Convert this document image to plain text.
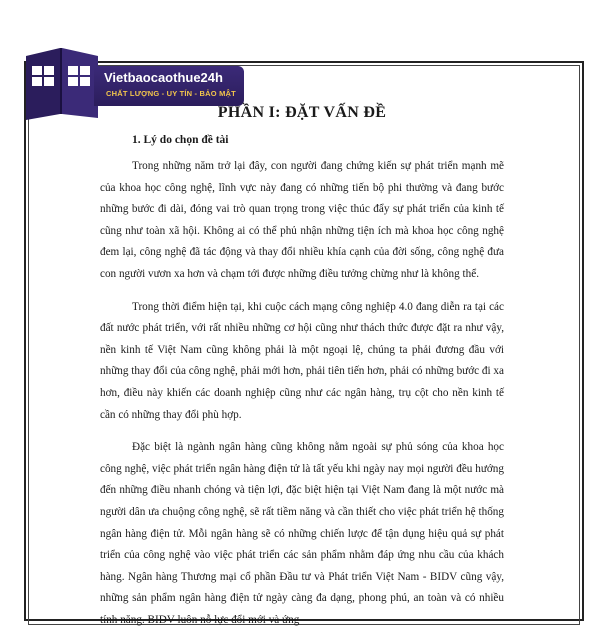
Vietbaocaothue24h
CHẤT LƯỢNG - UY TÍN - BẢO MẬT
PHẦN I: ĐẶT VẤN ĐỀ
1. Lý do chọn đề tài

Trong những năm trở lại đây, con người đang chứng kiến sự phát triển mạnh mẽ của khoa học công nghệ, lĩnh vực này đang có những tiến bộ phi thường và đang bước những bước đi dài, đóng vai trò quan trọng trong việc thúc đẩy sự phát triển của kinh tế cũng như toàn xã hội. Không ai có thể phủ nhận những tiện ích mà khoa học công nghệ đem lại, công nghệ đã tác động và thay đổi nhiều khía cạnh của đời sống, công nghệ đưa con người vươn xa hơn và chạm tới được những điều tưởng chừng như là không thể.

Trong thời điểm hiện tại, khi cuộc cách mạng công nghiệp 4.0 đang diễn ra tại các đất nước phát triển, với rất nhiều những cơ hội cũng như thách thức được đặt ra như vậy, nền kinh tế Việt Nam cũng không phải là một ngoại lệ, chúng ta phải đương đầu với những thay đổi của công nghệ, phải mới hơn, phải tiên tiến hơn, phải có những bước đi xa hơn, điều này khiến các doanh nghiệp cũng như các ngân hàng, trụ cột cho nền kinh tế cần có những thay đổi phù hợp.

Đặc biệt là ngành ngân hàng cũng không nằm ngoài sự phủ sóng của khoa học công nghệ, việc phát triển ngân hàng điện tử là tất yếu khi ngày nay mọi người đều hướng đến những điều nhanh chóng và tiện lợi, đặc biệt hiện tại Việt Nam đang là một nước mà người dân ưa chuộng công nghệ, sẽ rất tiềm năng và cần thiết cho việc phát triển hệ thống ngân hàng điện tử. Mỗi ngân hàng sẽ có những chiến lược để tận dụng hiệu quả sự phát triển của công nghệ vào việc phát triển các sản phẩm nhằm đáp ứng nhu cầu của khách hàng. Ngân hàng Thương mại cổ phần Đầu tư và Phát triển Việt Nam - BIDV cũng vậy, những sản phẩm ngân hàng điện tử ngày càng đa dạng, phong phú, an toàn và có nhiều tính năng. BIDV luôn nỗ lực đổi mới và ứng
